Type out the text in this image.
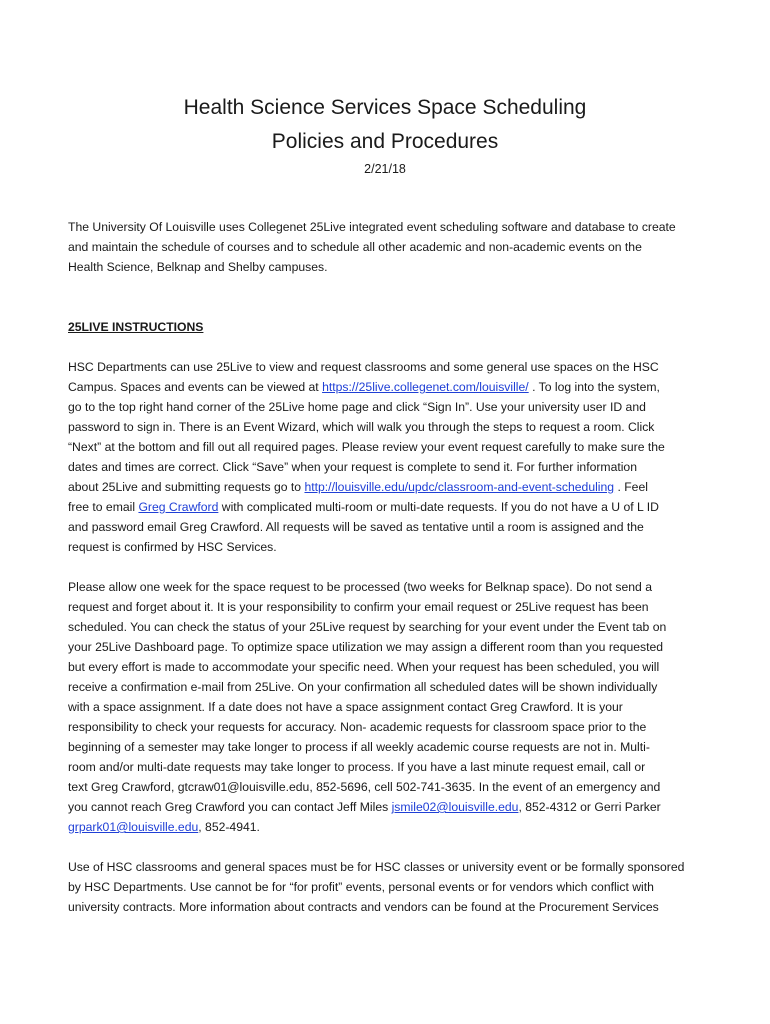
Health Science Services Space Scheduling
Policies and Procedures
2/21/18
The University Of Louisville uses Collegenet 25Live integrated event scheduling software and database to create
and maintain the schedule of courses and to schedule all other academic and non-academic events on the
Health Science, Belknap and Shelby campuses.
25LIVE INSTRUCTIONS
HSC Departments can use 25Live to view and request classrooms and some general use spaces on the HSC
Campus. Spaces and events can be viewed at https://25live.collegenet.com/louisville/ . To log into the system,
go to the top right hand corner of the 25Live home page and click “Sign In”. Use your university user ID and
password to sign in. There is an Event Wizard, which will walk you through the steps to request a room. Click
“Next” at the bottom and fill out all required pages. Please review your event request carefully to make sure the
dates and times are correct. Click “Save” when your request is complete to send it. For further information
about 25Live and submitting requests go to http://louisville.edu/updc/classroom-and-event-scheduling . Feel
free to email Greg Crawford with complicated multi-room or multi-date requests. If you do not have a U of L ID
and password email Greg Crawford. All requests will be saved as tentative until a room is assigned and the
request is confirmed by HSC Services.
Please allow one week for the space request to be processed (two weeks for Belknap space). Do not send a
request and forget about it. It is your responsibility to confirm your email request or 25Live request has been
scheduled. You can check the status of your 25Live request by searching for your event under the Event tab on
your 25Live Dashboard page. To optimize space utilization we may assign a different room than you requested
but every effort is made to accommodate your specific need. When your request has been scheduled, you will
receive a confirmation e-mail from 25Live. On your confirmation all scheduled dates will be shown individually
with a space assignment. If a date does not have a space assignment contact Greg Crawford. It is your
responsibility to check your requests for accuracy. Non- academic requests for classroom space prior to the
beginning of a semester may take longer to process if all weekly academic course requests are not in. Multi-
room and/or multi-date requests may take longer to process. If you have a last minute request email, call or
text Greg Crawford, gtcraw01@louisville.edu, 852-5696, cell 502-741-3635. In the event of an emergency and
you cannot reach Greg Crawford you can contact Jeff Miles jsmile02@louisville.edu, 852-4312 or Gerri Parker
grpark01@louisville.edu, 852-4941.
Use of HSC classrooms and general spaces must be for HSC classes or university event or be formally sponsored
by HSC Departments. Use cannot be for “for profit” events, personal events or for vendors which conflict with
university contracts. More information about contracts and vendors can be found at the Procurement Services
